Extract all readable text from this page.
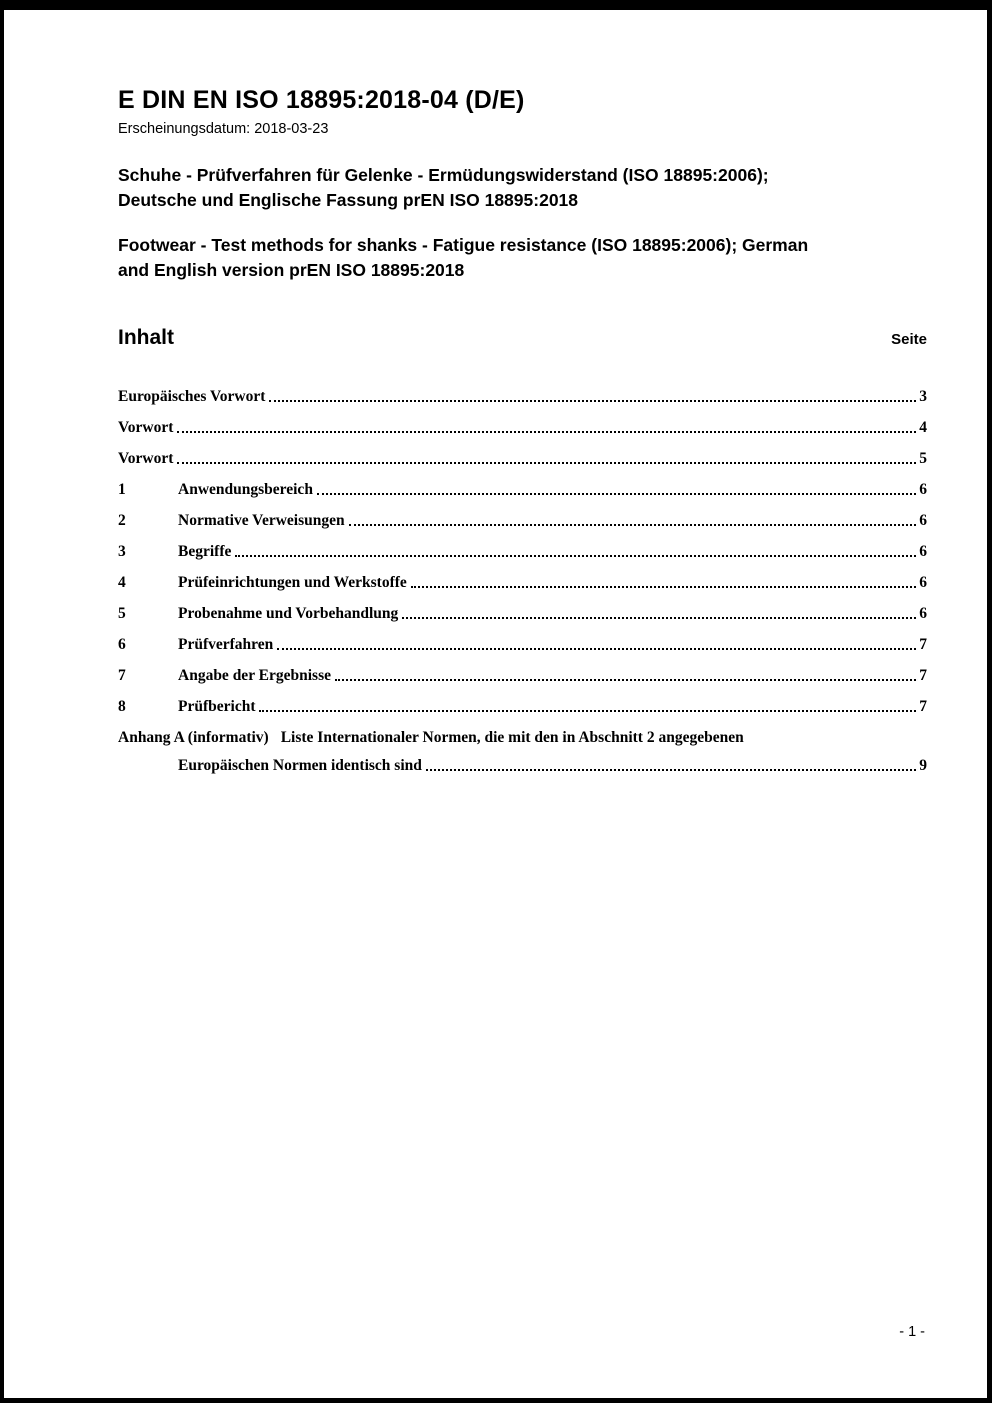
E DIN EN ISO 18895:2018-04 (D/E)
Erscheinungsdatum: 2018-03-23
Schuhe - Prüfverfahren für Gelenke - Ermüdungswiderstand (ISO 18895:2006);
Deutsche und Englische Fassung prEN ISO 18895:2018
Footwear - Test methods for shanks - Fatigue resistance (ISO 18895:2006); German
and English version prEN ISO 18895:2018
Inhalt	Seite
Europäisches Vorwort	3
Vorwort	4
Vorwort	5
1	Anwendungsbereich	6
2	Normative Verweisungen	6
3	Begriffe	6
4	Prüfeinrichtungen und Werkstoffe	6
5	Probenahme und Vorbehandlung	6
6	Prüfverfahren	7
7	Angabe der Ergebnisse	7
8	Prüfbericht	7
Anhang A (informativ) Liste Internationaler Normen, die mit den in Abschnitt 2 angegebenen
Europäischen Normen identisch sind	9
- 1 -
